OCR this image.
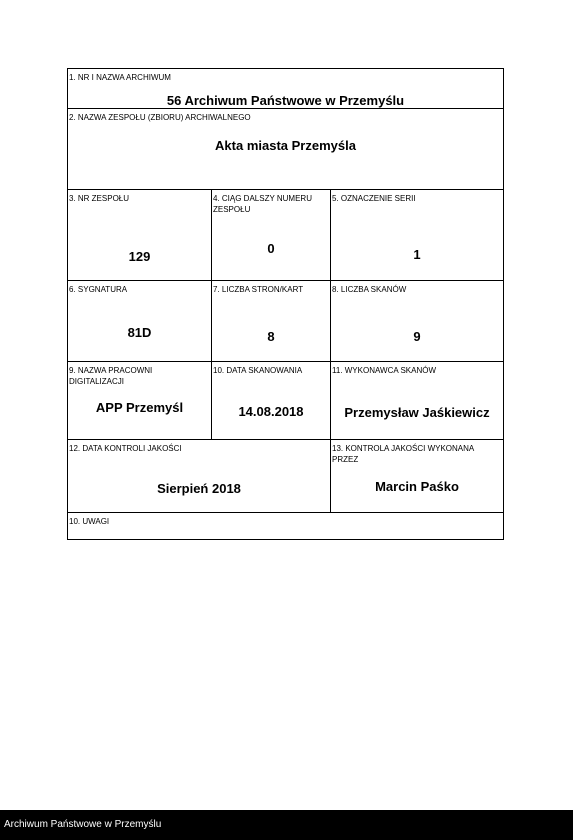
1. NR I NAZWA ARCHIWUM
56 Archiwum Państwowe w Przemyślu
2. NAZWA ZESPOŁU (ZBIORU) ARCHIWALNEGO
Akta miasta Przemyśla
3. NR ZESPOŁU
129
4. CIĄG DALSZY NUMERU ZESPOŁU
0
5. OZNACZENIE SERII
1
6. SYGNATURA
81D
7. LICZBA STRON/KART
8
8. LICZBA SKANÓW
9
9. NAZWA PRACOWNI DIGITALIZACJI
APP Przemyśl
10. DATA SKANOWANIA
14.08.2018
11. WYKONAWCA SKANÓW
Przemysław Jaśkiewicz
12. DATA KONTROLI JAKOŚCI
Sierpień 2018
13. KONTROLA JAKOŚCI WYKONANA PRZEZ
Marcin Paśko
10. UWAGI
Archiwum Państwowe w Przemyślu
